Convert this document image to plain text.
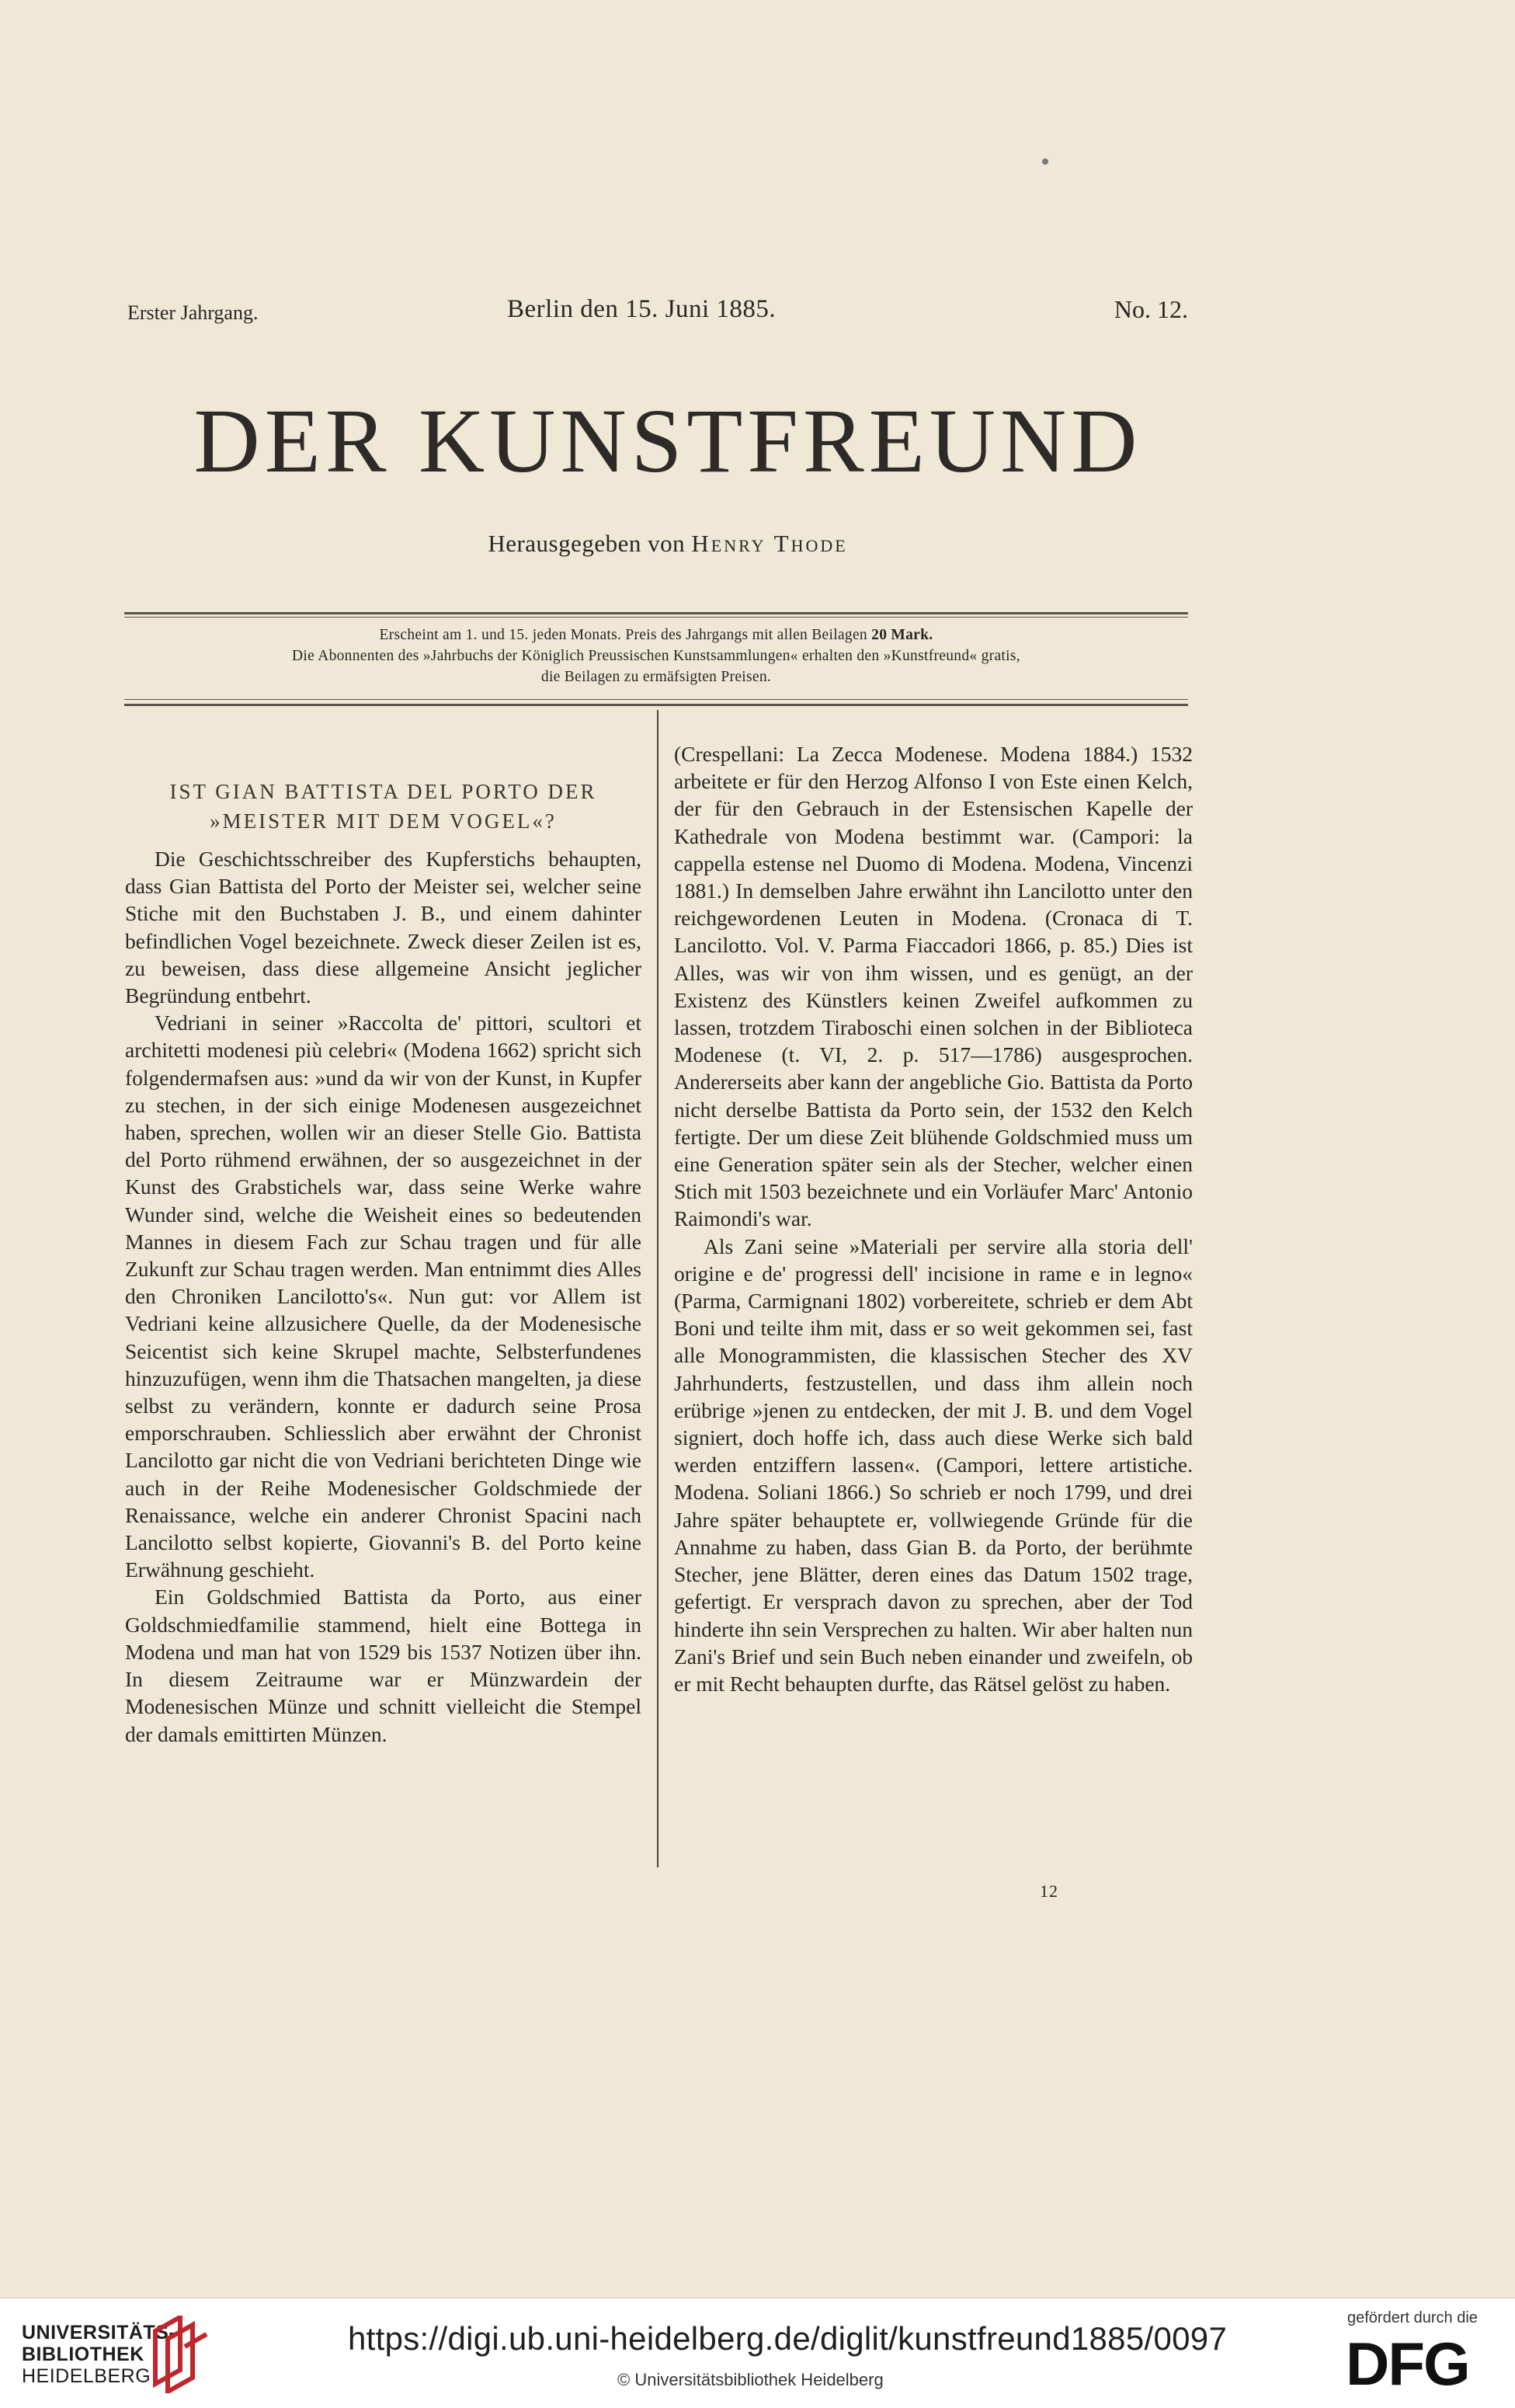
Erster Jahrgang.	Berlin den 15. Juni 1885.	No. 12.
DER KUNSTFREUND
Herausgegeben von Henry Thode
Erscheint am 1. und 15. jeden Monats. Preis des Jahrgangs mit allen Beilagen 20 Mark.
Die Abonnenten des »Jahrbuchs der Königlich Preussischen Kunstsammlungen« erhalten den »Kunstfreund« gratis,
die Beilagen zu ermäfsigten Preisen.
IST GIAN BATTISTA DEL PORTO DER
»MEISTER MIT DEM VOGEL«?

Die Geschichtsschreiber des Kupferstichs behaupten, dass Gian Battista del Porto der Meister sei, welcher seine Stiche mit den Buchstaben J. B., und einem dahinter befindlichen Vogel bezeichnete. Zweck dieser Zeilen ist es, zu beweisen, dass diese allgemeine Ansicht jeglicher Begründung entbehrt.

Vedriani in seiner »Raccolta de' pittori, scultori et architetti modenesi più celebri« (Modena 1662) spricht sich folgendermafsen aus: »und da wir von der Kunst, in Kupfer zu stechen, in der sich einige Modenesen ausgezeichnet haben, sprechen, wollen wir an dieser Stelle Gio. Battista del Porto rühmend erwähnen, der so ausgezeichnet in der Kunst des Grabstichels war, dass seine Werke wahre Wunder sind, welche die Weisheit eines so bedeutenden Mannes in diesem Fach zur Schau tragen und für alle Zukunft zur Schau tragen werden. Man entnimmt dies Alles den Chroniken Lancilotto's«. Nun gut: vor Allem ist Vedriani keine allzusichere Quelle, da der Modenesische Seicentist sich keine Skrupel machte, Selbsterfundenes hinzuzufügen, wenn ihm die Thatsachen mangelten, ja diese selbst zu verändern, konnte er dadurch seine Prosa emporschrauben. Schliesslich aber erwähnt der Chronist Lancilotto gar nicht die von Vedriani berichteten Dinge wie auch in der Reihe Modenesischer Goldschmiede der Renaissance, welche ein anderer Chronist Spacini nach Lancilotto selbst kopierte, Giovanni's B. del Porto keine Erwähnung geschieht.

Ein Goldschmied Battista da Porto, aus einer Goldschmiedfamilie stammend, hielt eine Bottega in Modena und man hat von 1529 bis 1537 Notizen über ihn. In diesem Zeitraume war er Münzwardein der Modenesischen Münze und schnitt vielleicht die Stempel der damals emittirten Münzen.

(Crespellani: La Zecca Modenese. Modena 1884.) 1532 arbeitete er für den Herzog Alfonso I von Este einen Kelch, der für den Gebrauch in der Estensischen Kapelle der Kathedrale von Modena bestimmt war. (Campori: la cappella estense nel Duomo di Modena. Modena, Vincenzi 1881.) In demselben Jahre erwähnt ihn Lancilotto unter den reichgewordenen Leuten in Modena. (Cronaca di T. Lancilotto. Vol. V. Parma Fiaccadori 1866, p. 85.) Dies ist Alles, was wir von ihm wissen, und es genügt, an der Existenz des Künstlers keinen Zweifel aufkommen zu lassen, trotzdem Tiraboschi einen solchen in der Biblioteca Modenese (t. VI, 2. p. 517—1786) ausgesprochen. Andererseits aber kann der angebliche Gio. Battista da Porto nicht derselbe Battista da Porto sein, der 1532 den Kelch fertigte. Der um diese Zeit blühende Goldschmied muss um eine Generation später sein als der Stecher, welcher einen Stich mit 1503 bezeichnete und ein Vorläufer Marc' Antonio Raimondi's war.

Als Zani seine »Materiali per servire alla storia dell' origine e de' progressi dell' incisione in rame e in legno« (Parma, Carmignani 1802) vorbereitete, schrieb er dem Abt Boni und teilte ihm mit, dass er so weit gekommen sei, fast alle Monogrammisten, die klassischen Stecher des XV Jahrhunderts, festzustellen, und dass ihm allein noch erübrige »jenen zu entdecken, der mit J. B. und dem Vogel signiert, doch hoffe ich, dass auch diese Werke sich bald werden entziffern lassen«. (Campori, lettere artistiche. Modena. Soliani 1866.) So schrieb er noch 1799, und drei Jahre später behauptete er, vollwiegende Gründe für die Annahme zu haben, dass Gian B. da Porto, der berühmte Stecher, jene Blätter, deren eines das Datum 1502 trage, gefertigt. Er versprach davon zu sprechen, aber der Tod hinderte ihn sein Versprechen zu halten. Wir aber halten nun Zani's Brief und sein Buch neben einander und zweifeln, ob er mit Recht behaupten durfte, das Rätsel gelöst zu haben.

12
UNIVERSITÄTS-
BIBLIOTHEK
HEIDELBERG
https://digi.ub.uni-heidelberg.de/diglit/kunstfreund1885/0097
© Universitätsbibliothek Heidelberg
gefördert durch die
DFG
